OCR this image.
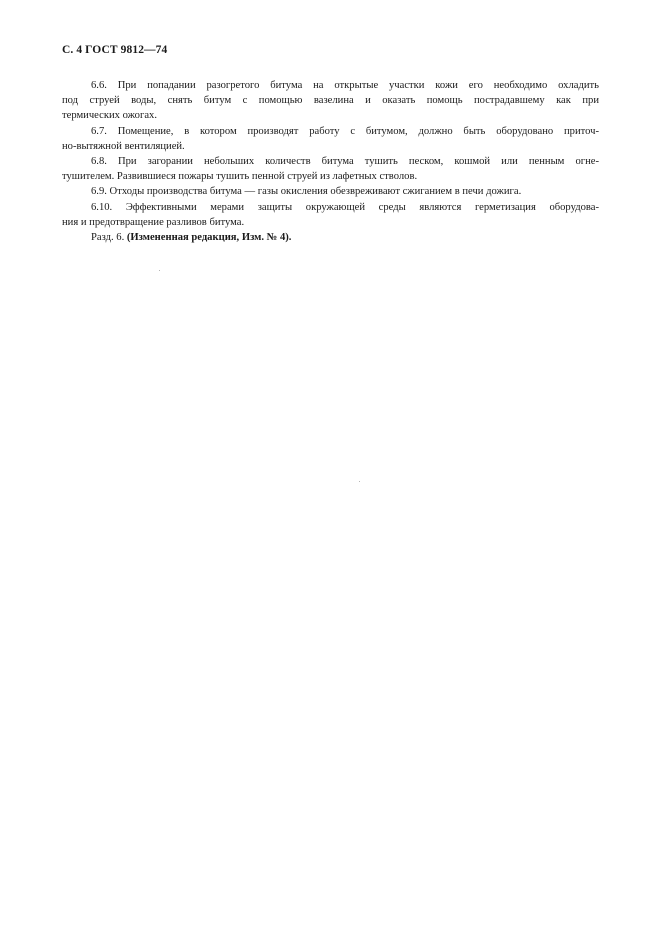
С. 4 ГОСТ 9812—74

6.6. При попадании разогретого битума на открытые участки кожи его необходимо охладить
под струей воды, снять битум с помощью вазелина и оказать помощь пострадавшему как при
термических ожогах.

6.7. Помещение, в котором производят работу с битумом, должно быть оборудовано приточ-
но-вытяжной вентиляцией.

6.8. При загорании небольших количеств битума тушить песком, кошмой или пенным огне-
тушителем. Развившиеся пожары тушить пенной струей из лафетных стволов.

6.9. Отходы производства битума — газы окисления обезвреживают сжиганием в печи дожига.

6.10. Эффективными мерами защиты окружающей среды являются герметизация оборудова-
ния и предотвращение разливов битума.

Разд. 6. (Измененная редакция, Изм. № 4).
